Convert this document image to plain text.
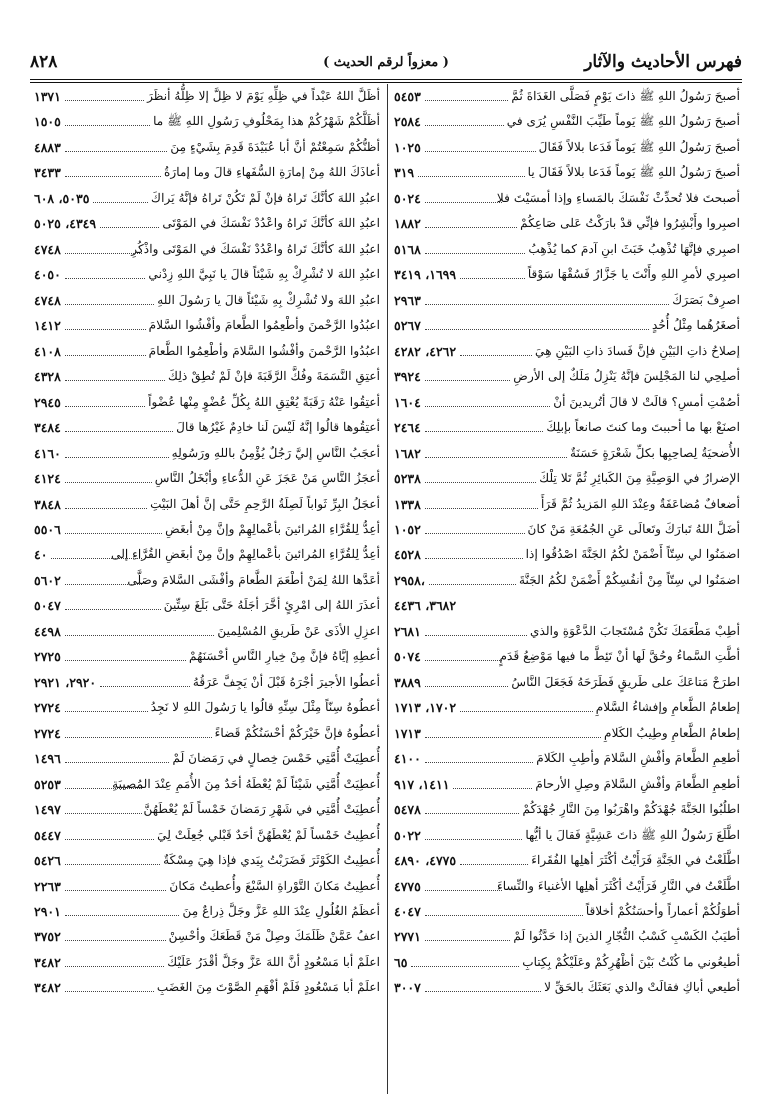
فهرس الأحاديث والآثار
( معزواً لرقم الحديث )
٨٢٨
أصبحَ رَسُولُ اللهِ ﷺ ذاتَ يَوْمٍ فَصَلَّى الغَدَاةَ ثُمَّ
٥٤٥٣
أصبحَ رَسُولُ اللهِ ﷺ يَوماً طَيِّبَ النَّفْسِ يُرَى في
٢٥٨٤
أصبحَ رَسُولُ اللهِ ﷺ يَوماً فَدَعا بلالاً فَقَالَ
١٠٢٥
أصبحَ رَسُولُ اللهِ ﷺ يَوماً فَدَعا بلالاً فَقَالَ يا
٣١٩
أصبحتَ فلا تُحدِّثْ نَفْسَكَ بالمَساءِ وإذا أمسَيْتَ فلا
٥٠٢٤
اصبِروا وأَبْشِرُوا فإنِّي قدْ بارَكْتُ عَلى صَاعِكُمْ
١٨٨٢
اصبِري فإنَّهَا تُذْهِبُ خَبَثَ ابنِ آدمَ كما يُذْهِبُ
٥١٦٨
اصبِري لأمرِ اللهِ وأَنْتَ يا جَزَّارُ فَسُقْهَا سَوْقاً
١٦٩٩، ٣٤١٩
اصرِفْ بَصَرَكَ
٢٩٦٣
أصغَرُهُما مِثْلُ أُحُدٍ
٥٢٦٧
إصلاحُ ذاتِ البَيْنِ فإنَّ فَسادَ ذاتِ البَيْنِ هِيَ
٤٢٦٢، ٤٢٨٢
أصلِحِي لنا المَجْلِسَ فإنَّهُ يَنْزِلُ مَلَكٌ إلى الأرضِ
٣٩٢٤
أصُمْتِ أمسِ؟ قالَتْ لا قالَ أتُريدينَ أنْ
١٦٠٤
اصنَعْ بها ما أحببتَ وما كنتَ صانعاً بإبلِكَ
٢٤٦٤
الأُضحيَةُ لِصاحِبِها بكلِّ شَعْرَةٍ حَسَنَةٌ
١٦٨٢
الإضرارُ في الوَصِيَّةِ مِنَ الكَبائِرِ ثُمَّ تَلا تِلْكَ
٥٢٣٨
أضعافٌ مُضاعَفَةٌ وعِنْدَ اللهِ المَزيدُ ثُمَّ قَرَأَ
١٣٣٨
أضَلَّ اللهُ تَبارَكَ وتَعالَى عَنِ الجُمُعَةِ مَنْ كانَ
١٠٥٢
اضمَنُوا لي سِتّاً أَضْمَنْ لكُمُ الجَنَّةَ اصْدُقُوا إذا
٤٥٢٨
اضمَنُوا لي سِتّاً مِنْ أنفُسِكُمْ أَضْمَنْ لكُمُ الجَنَّةَ
٢٩٥٨،
٣٦٨٢، ٤٤٣٦
أطِبْ مَطْعَمَكَ تَكُنْ مُسْتَجابَ الدَّعْوَةِ والذي
٢٦٨١
أطَّتِ السَّماءُ وحُقَّ لَها أنْ تَئِطَّ ما فيها مَوْضِعُ قَدَمٍ
٥٠٧٤
اطرَحْ مَتاعَكَ على طَريقٍ فَطَرَحَهُ فَجَعَلَ النَّاسُ
٣٨٨٩
إطعامُ الطَّعامِ وإفشاءُ السَّلامِ
١٧٠٢، ١٧١٣
إطعامُ الطَّعامِ وطِيبُ الكَلامِ
١٧١٣
أطعِمِ الطَّعامَ وأفْشِ السَّلامَ وأطِبِ الكَلامَ
٤١٠٠
أطعِمِ الطَّعامَ وأفْشِ السَّلامَ وصِلِ الأرحامَ
١٤١١، ٩١٧
اطلُبُوا الجَنَّةَ جُهْدَكُمْ واهْرَبُوا مِنَ النَّارِ جُهْدَكُمْ
٥٤٧٨
اطَّلَعَ رَسُولُ اللهِ ﷺ ذاتَ عَشِيَّةٍ فَقالَ يا أيُّها
٥٠٢٢
اطَّلَعْتُ في الجَنَّةِ فَرَأَيْتُ أكْثَرَ أهلِها الفُقَراءَ
٤٧٧٥، ٤٨٩٠
اطَّلَعْتُ في النَّارِ فَرَأَيْتُ أكْثَرَ أهلِها الأغنياءَ والنِّساءَ
٤٧٧٥
أطوَلُكُمْ أعماراً وأحسَنُكُمْ أخلاقاً
٤٠٤٧
أطيَبُ الكَسْبِ كَسْبُ التُّجّارِ الذينَ إذا حَدَّثُوا لَمْ
٢٧٧١
أطيعُوني ما كُنْتُ بَيْنَ أظْهُرِكُمْ وعَلَيْكُمْ بِكِتابِ
٦٥
أطيعي أباكِ فقالَتْ والذي بَعَثَكَ بالحَقِّ لا
٣٠٠٧
أظَلَّ اللهُ عَبْداً في ظِلِّهِ يَوْمَ لا ظِلَّ إلا ظِلُّهُ أنظَرَ
١٣٧١
أظَلَّكُمْ شَهْرُكُمْ هذا بِمَحْلُوفِ رَسُولِ اللهِ ﷺ ما
١٥٠٥
أظنُّكُمْ سَمِعْتُمْ أنَّ أبا عُبَيْدَةَ قَدِمَ بِشَيْءٍ مِنَ
٤٨٨٣
أعاذَكَ اللهُ مِنْ إمارَةِ السُّفَهاءِ قالَ وما إمارَةُ
٣٤٣٣
اعبُدِ اللهَ كأنَّكَ تَراهُ فإنْ لَمْ تَكُنْ تَراهُ فإنَّهُ يَراكَ
٥٠٣٥، ٦٠٨
اعبُدِ اللهَ كأنَّكَ تَراهُ واعْدُدْ نَفْسَكَ في المَوْتَى
٤٣٤٩، ٥٠٢٥
اعبُدِ اللهَ كأنَّكَ تَراهُ واعْدُدْ نَفْسَكَ في المَوْتَى واذْكُرِ
٤٧٤٨
اعبُدِ اللهَ لا تُشْرِكْ بِهِ شَيْئاً قالَ يا نَبِيَّ اللهِ زِدْني
٤٠٥٠
اعبُدِ اللهَ ولا تُشْرِكْ بِهِ شَيْئاً قالَ يا رَسُولَ اللهِ
٤٧٤٨
اعبُدُوا الرَّحْمنَ وأطْعِمُوا الطَّعامَ وأفْشُوا السَّلامَ
١٤١٢
اعبُدُوا الرَّحْمنَ وأفْشُوا السَّلامَ وأطْعِمُوا الطَّعامَ
٤١٠٨
أعتِقِ النَّسَمَةَ وفُكَّ الرَّقَبَةَ فإنْ لَمْ تُطِقْ ذلِكَ
٤٣٢٨
أعتِقُوا عَنْهُ رَقَبَةً يُعْتِقِ اللهُ بِكُلِّ عُضْوٍ مِنْها عُضْواً
٢٩٤٥
أعتِقُوها قالُوا إنَّهُ لَيْسَ لَنا خادِمٌ غَيْرُها قالَ
٣٤٨٤
أعجَبُ النَّاسِ إليَّ رَجُلٌ يُؤْمِنُ باللهِ ورَسُولِهِ
٤١٦٠
أعجَزُ النَّاسِ مَنْ عَجَزَ عَنِ الدُّعاءِ وأبْخَلُ النَّاسِ
٤١٢٤
أعجَلُ البِرِّ ثَواباً لَصِلَةُ الرَّحِمِ حَتَّى إنَّ أهلَ البَيْتِ
٣٨٤٨
أعِدُّ لِلقُرَّاءِ المُرائينَ بأعْمالِهِمْ وإنَّ مِنْ أبغَضِ
٥٥٠٦
أعِدُّ لِلقُرَّاءِ المُرائينَ بأعْمالِهِمْ وإنَّ مِنْ أبغَضِ القُرَّاءِ إلى
٤٠
أعَدَّها اللهُ لِمَنْ أطْعَمَ الطَّعامَ وأفْشَى السَّلامَ وصَلَّى
٥٦٠٢
أعذَرَ اللهُ إلى امْرِئٍ أخَّرَ أجَلَهُ حَتَّى بَلَغَ سِتِّينَ
٥٠٤٧
اعزِلِ الأذَى عَنْ طَريقِ المُسْلِمينَ
٤٤٩٨
أعطِهِ إيَّاهُ فإنَّ مِنْ خِيارِ النَّاسِ أحْسَنَهُمْ
٢٧٢٥
أعطُوا الأجيرَ أجْرَهُ قَبْلَ أنْ يَجِفَّ عَرَقُهُ
٢٩٢٠، ٢٩٢١
أعطُوهُ سِنّاً مِثْلَ سِنِّهِ قالُوا يا رَسُولَ اللهِ لا نَجِدُ
٢٧٢٤
أعطُوهُ فإنَّ خَيْرَكُمْ أحْسَنُكُمْ قَضاءً
٢٧٢٤
أُعطِيَتْ أُمَّتِي خَمْسَ خِصالٍ في رَمَضانَ لَمْ
١٤٩٦
أُعطِيَتْ أُمَّتِي شَيْئاً لَمْ يُعْطَهُ أحَدٌ مِنَ الأُمَمِ عِنْدَ المُصيبَةِ
٥٢٥٣
أُعطِيَتْ أُمَّتِي في شَهْرِ رَمَضانَ خَمْساً لَمْ يُعْطَهُنَّ
١٤٩٧
أُعطِيتُ خَمْساً لَمْ يُعْطَهُنَّ أحَدٌ قَبْلي جُعِلَتْ لِيَ
٥٤٤٧
أُعطِيتُ الكَوْثَرَ فَضَرَبْتُ بِيَدي فإذا هِيَ مِسْكَةٌ
٥٤٢٦
أُعطِيتُ مَكانَ التَّوْراةِ السَّبْعَ وأُعطيتُ مَكانَ
٢٢٦٣
أعظَمُ الغُلُولِ عِنْدَ اللهِ عَزَّ وجَلَّ ذِراعٌ مِنَ
٢٩٠١
اعفُ عَمَّنْ ظَلَمَكَ وصِلْ مَنْ قَطَعَكَ وأحْسِنْ
٣٧٥٢
اعلَمْ أبا مَسْعُودٍ أنَّ اللهَ عَزَّ وجَلَّ أقْدَرُ عَلَيْكَ
٣٤٨٢
اعلَمْ أبا مَسْعُودٍ فَلَمْ أفْهَمِ الصَّوْتَ مِنَ الغَضَبِ
٣٤٨٢
